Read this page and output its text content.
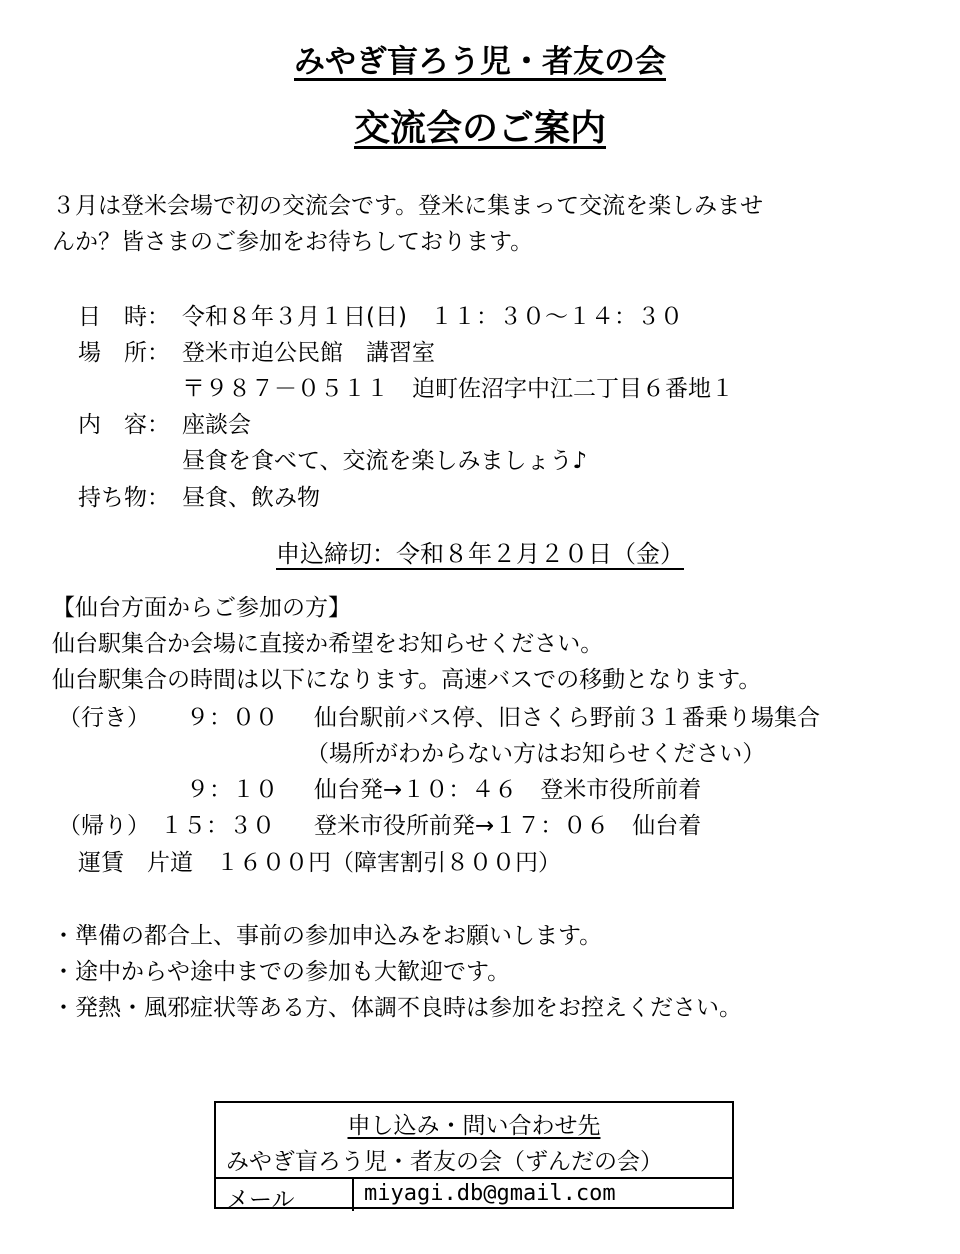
みやぎ盲ろう児・者友の会
交流会のご案内
３月は登米会場で初の交流会です。登米に集まって交流を楽しみませ
んか？皆さまのご参加をお待ちしております。
日　時： 令和８年３月１日(日)　１１：３０～１４：３０
場　所： 登米市迫公民館　講習室
〒９８７－０５１１　迫町佐沼字中江二丁目６番地１
内　容： 座談会
昼食を食べて、交流を楽しみましょう♪
持ち物： 昼食、飲み物
申込締切：令和８年２月２０日（金）
【仙台方面からご参加の方】
仙台駅集合か会場に直接か希望をお知らせください。
仙台駅集合の時間は以下になります。高速バスでの移動となります。
（行き） ９：００ 仙台駅前バス停、旧さくら野前３１番乗り場集合
（場所がわからない方はお知らせください）
９：１０ 仙台発→１０：４６　登米市役所前着
（帰り） １５：３０ 登米市役所前発→１７：０６　仙台着
運賃　片道　１６００円（障害割引８００円）
・準備の都合上、事前の参加申込みをお願いします。
・途中からや途中までの参加も大歓迎です。
・発熱・風邪症状等ある方、体調不良時は参加をお控えください。
申し込み・問い合わせ先
みやぎ盲ろう児・者友の会（ずんだの会）
メール	miyagi.db@gmail.com
